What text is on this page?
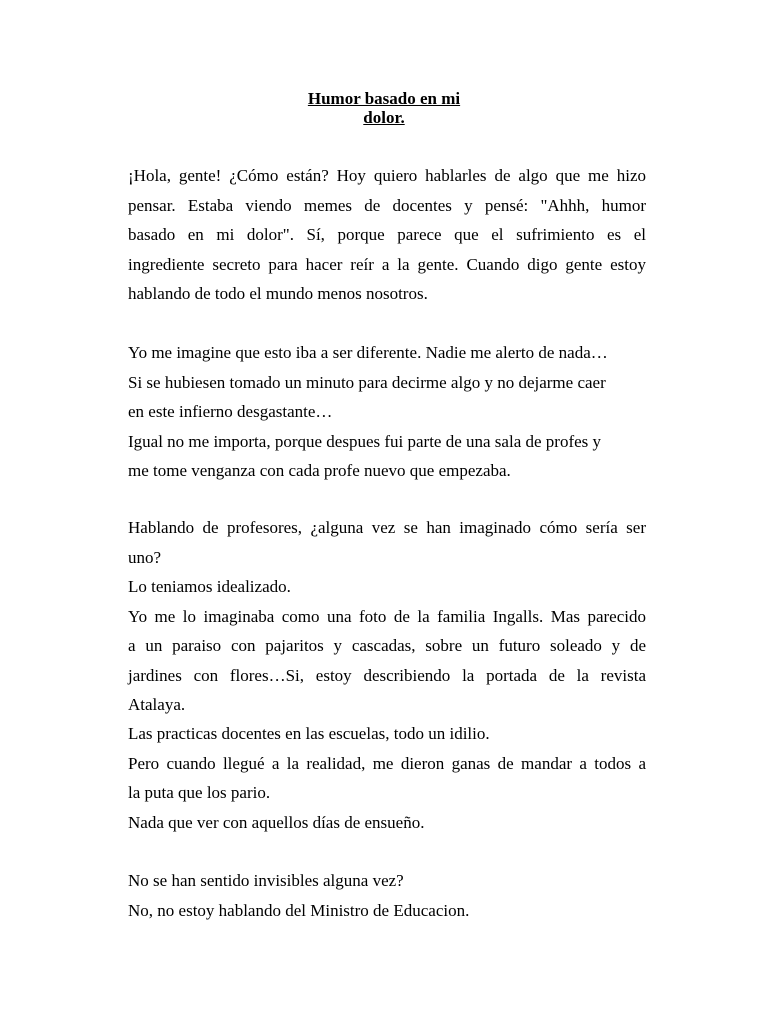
Humor basado en mi
dolor.
¡Hola, gente! ¿Cómo están? Hoy quiero hablarles de algo que me hizo
pensar. Estaba viendo memes de docentes y pensé: "Ahhh, humor
basado en mi dolor". Sí, porque parece que el sufrimiento es el
ingrediente secreto para hacer reír a la gente. Cuando digo gente estoy
hablando de todo el mundo menos nosotros.
Yo me imagine que esto iba a ser diferente. Nadie me alerto de nada…
Si se hubiesen tomado un minuto para decirme algo y no dejarme caer
en este infierno desgastante…
Igual no me importa, porque despues fui parte de una sala de profes y
me tome venganza con cada profe nuevo que empezaba.
Hablando de profesores, ¿alguna vez se han imaginado cómo sería ser
uno?
Lo teniamos idealizado.
Yo me lo imaginaba como una foto de la familia Ingalls. Mas parecido
a un paraiso con pajaritos y cascadas, sobre un futuro soleado y de
jardines con flores…Si, estoy describiendo la portada de la revista
Atalaya.
Las practicas docentes en las escuelas, todo un idilio.
Pero cuando llegué a la realidad, me dieron ganas de mandar a todos a
la puta que los pario.
Nada que ver con aquellos días de ensueño.
No se han sentido invisibles alguna vez?
No, no estoy hablando del Ministro de Educacion.
